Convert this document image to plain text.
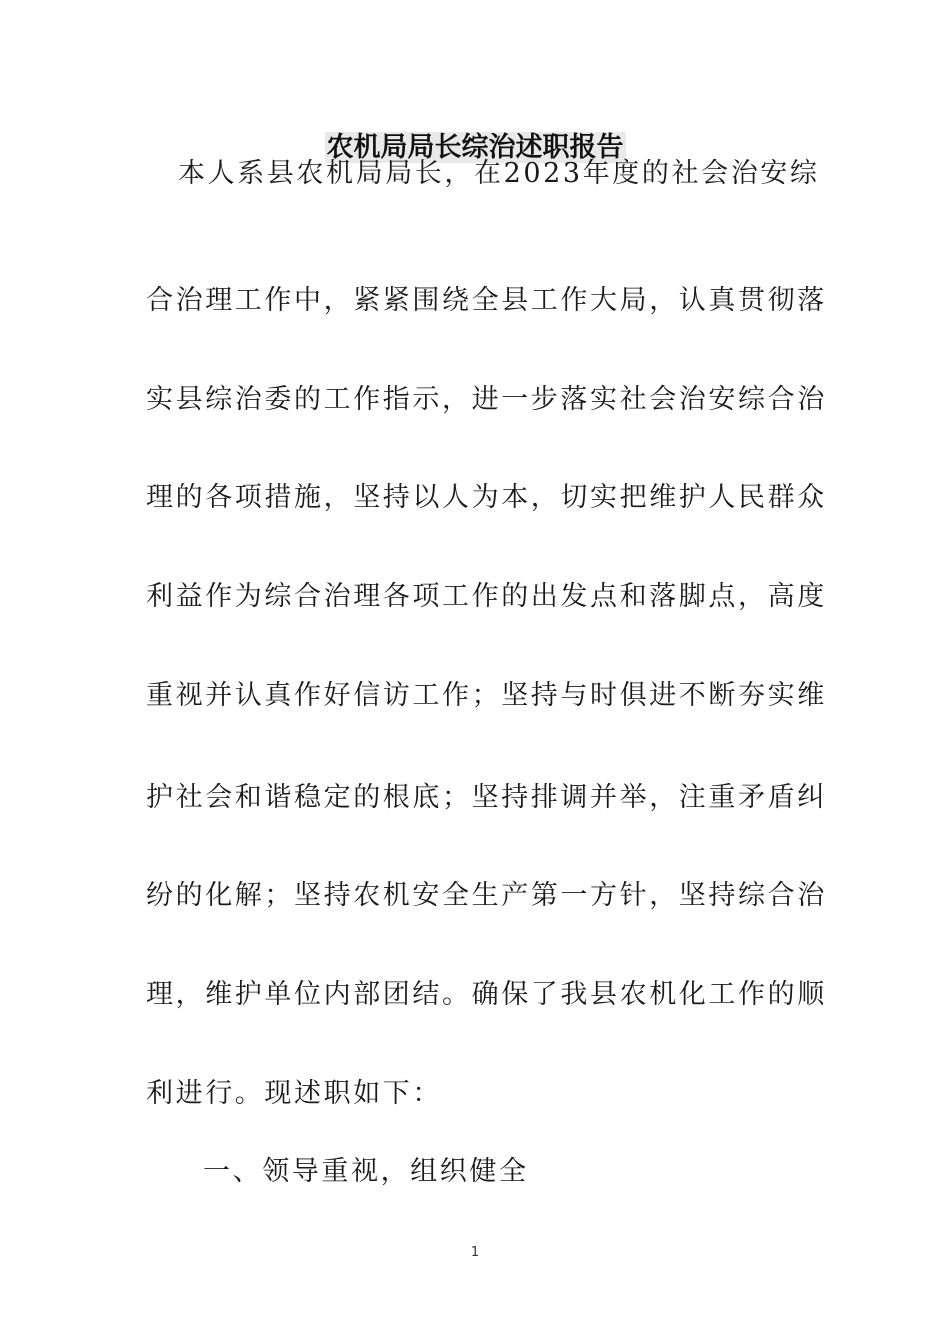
农机局局长综治述职报告
本人系县农机局局长，在2023年度的社会治安综
合治理工作中，紧紧围绕全县工作大局，认真贯彻落
实县综治委的工作指示，进一步落实社会治安综合治
理的各项措施，坚持以人为本，切实把维护人民群众
利益作为综合治理各项工作的出发点和落脚点，高度
重视并认真作好信访工作；坚持与时俱进不断夯实维
护社会和谐稳定的根底；坚持排调并举，注重矛盾纠
纷的化解；坚持农机安全生产第一方针，坚持综合治
理，维护单位内部团结。确保了我县农机化工作的顺
利进行。现述职如下：
一、领导重视，组织健全
1
